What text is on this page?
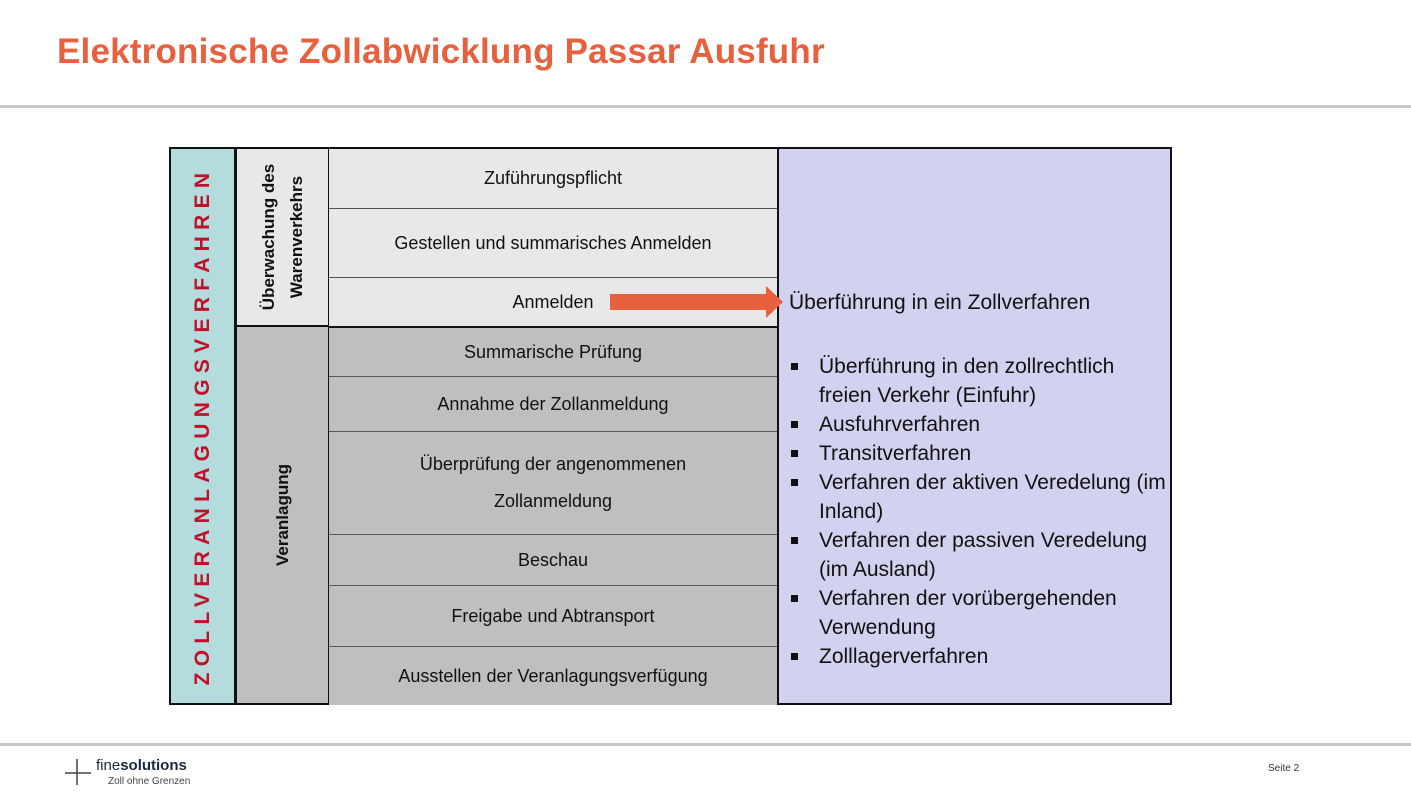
Elektronische Zollabwicklung Passar Ausfuhr
ZOLLVERANLAGUNGSVERFAHREN	Überwachung des Warenverkehrs
Veranlagung
Zuführungspflicht
Gestellen und summarisches Anmelden
Anmelden
Summarische Prüfung
Annahme der Zollanmeldung
Überprüfung der angenommenen Zollanmeldung
Beschau
Freigabe und Abtransport
Ausstellen der Veranlagungsverfügung
Überführung in ein Zollverfahren
Überführung in den zollrechtlich freien Verkehr (Einfuhr)
Ausfuhrverfahren
Transitverfahren
Verfahren der aktiven Veredelung (im Inland)
Verfahren der passiven Veredelung (im Ausland)
Verfahren der vorübergehenden Verwendung
Zolllagerverfahren
finesolutions
Zoll ohne Grenzen
Seite 2
